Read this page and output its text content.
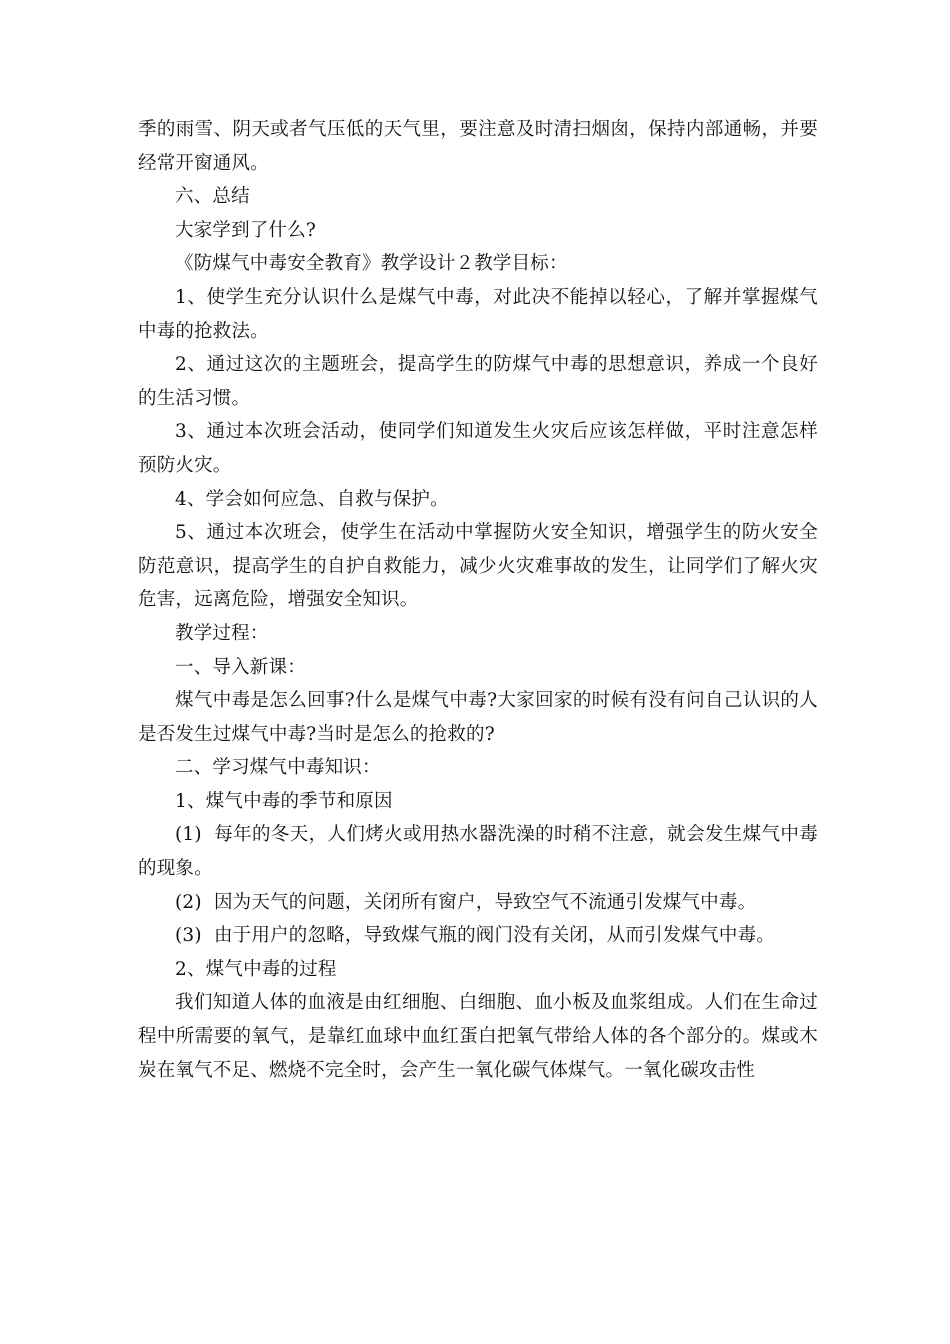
季的雨雪、阴天或者气压低的天气里，要注意及时清扫烟囱，保持内部通畅，并要经常开窗通风。

六、总结

大家学到了什么?

《防煤气中毒安全教育》教学设计２教学目标：

1、使学生充分认识什么是煤气中毒，对此决不能掉以轻心，了解并掌握煤气中毒的抢救法。

2、通过这次的主题班会，提高学生的防煤气中毒的思想意识，养成一个良好的生活习惯。

3、通过本次班会活动，使同学们知道发生火灾后应该怎样做，平时注意怎样预防火灾。

4、学会如何应急、自救与保护。

5、通过本次班会，使学生在活动中掌握防火安全知识，增强学生的防火安全防范意识，提高学生的自护自救能力，减少火灾难事故的发生，让同学们了解火灾危害，远离危险，增强安全知识。

教学过程：

一、导入新课：

煤气中毒是怎么回事?什么是煤气中毒?大家回家的时候有没有问自己认识的人是否发生过煤气中毒?当时是怎么的抢救的?

二、学习煤气中毒知识：

1、煤气中毒的季节和原因

(1)  每年的冬天，人们烤火或用热水器洗澡的时稍不注意，就会发生煤气中毒的现象。

(2)  因为天气的问题，关闭所有窗户，导致空气不流通引发煤气中毒。

(3)  由于用户的忽略，导致煤气瓶的阀门没有关闭，从而引发煤气中毒。

2、煤气中毒的过程

我们知道人体的血液是由红细胞、白细胞、血小板及血浆组成。人们在生命过程中所需要的氧气，是靠红血球中血红蛋白把氧气带给人体的各个部分的。煤或木炭在氧气不足、燃烧不完全时，会产生一氧化碳气体煤气。一氧化碳攻击性
